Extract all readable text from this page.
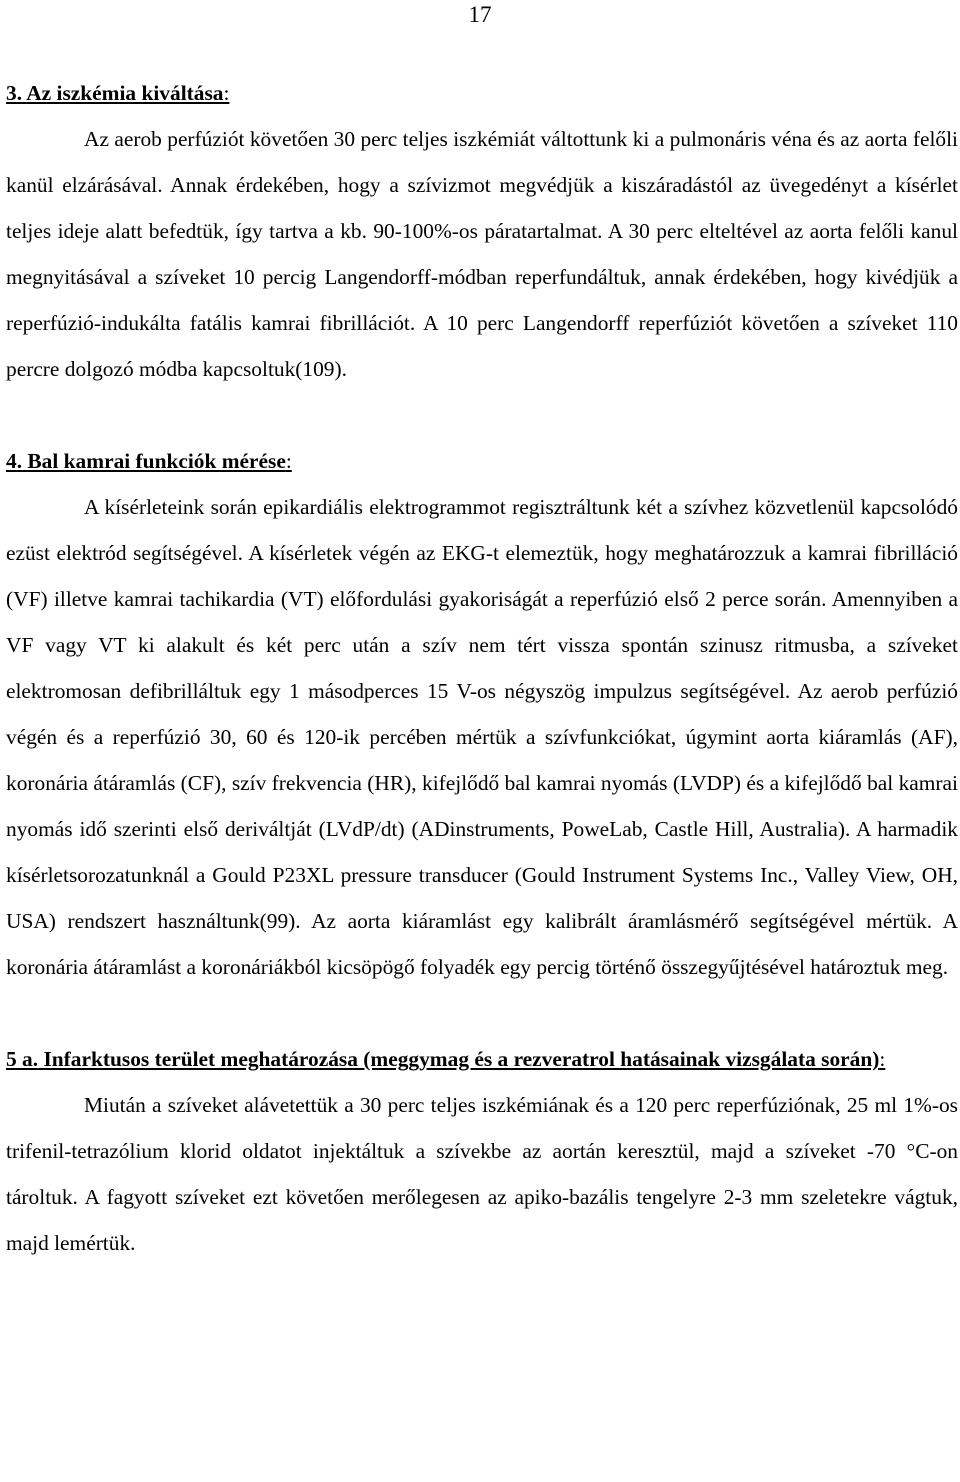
17

3. Az iszkémia kiváltása:

Az aerob perfúziót követően 30 perc teljes iszkémiát váltottunk ki a pulmonáris véna és az aorta felőli kanül elzárásával. Annak érdekében, hogy a szívizmot megvédjük a kiszáradástól az üvegedényt a kísérlet teljes ideje alatt befedtük, így tartva a kb. 90-100%-os páratartalmat. A 30 perc elteltével az aorta felőli kanul megnyitásával a szíveket 10 percig Langendorff-módban reperfundáltuk, annak érdekében, hogy kivédjük a reperfúzió-indukálta fatális kamrai fibrillációt. A 10 perc Langendorff reperfúziót követően a szíveket 110 percre dolgozó módba kapcsoltuk(109).

4. Bal kamrai funkciók mérése:

A kísérleteink során epikardiális elektrogrammot regisztráltunk két a szívhez közvetlenül kapcsolódó ezüst elektród segítségével. A kísérletek végén az EKG-t elemeztük, hogy meghatározzuk a kamrai fibrilláció (VF) illetve kamrai tachikardia (VT) előfordulási gyakoriságát a reperfúzió első 2 perce során. Amennyiben a VF vagy VT ki alakult és két perc után a szív nem tért vissza spontán szinusz ritmusba, a szíveket elektromosan defibrilláltuk egy 1 másodperces 15 V-os négyszög impulzus segítségével. Az aerob perfúzió végén és a reperfúzió 30, 60 és 120-ik percében mértük a szívfunkciókat, úgymint aorta kiáramlás (AF), koronária átáramlás (CF), szív frekvencia (HR), kifejlődő bal kamrai nyomás (LVDP) és a kifejlődő bal kamrai nyomás idő szerinti első deriváltját (LVdP/dt) (ADinstruments, PoweLab, Castle Hill, Australia). A harmadik kísérletsorozatunknál a Gould P23XL pressure transducer (Gould Instrument Systems Inc., Valley View, OH, USA) rendszert használtunk(99). Az aorta kiáramlást egy kalibrált áramlásmérő segítségével mértük. A koronária átáramlást a koronáriákból kicsöpögő folyadék egy percig történő összegyűjtésével határoztuk meg.

5 a. Infarktusos terület meghatározása (meggymag és a rezveratrol hatásainak vizsgálata során):

Miután a szíveket alávetettük a 30 perc teljes iszkémiának és a 120 perc reperfúziónak, 25 ml 1%-os trifenil-tetrazólium klorid oldatot injektáltuk a szívekbe az aortán keresztül, majd a szíveket -70 °C-on tároltuk. A fagyott szíveket ezt követően merőlegesen az apiko-bazális tengelyre 2-3 mm szeletekre vágtuk, majd lemértük.
